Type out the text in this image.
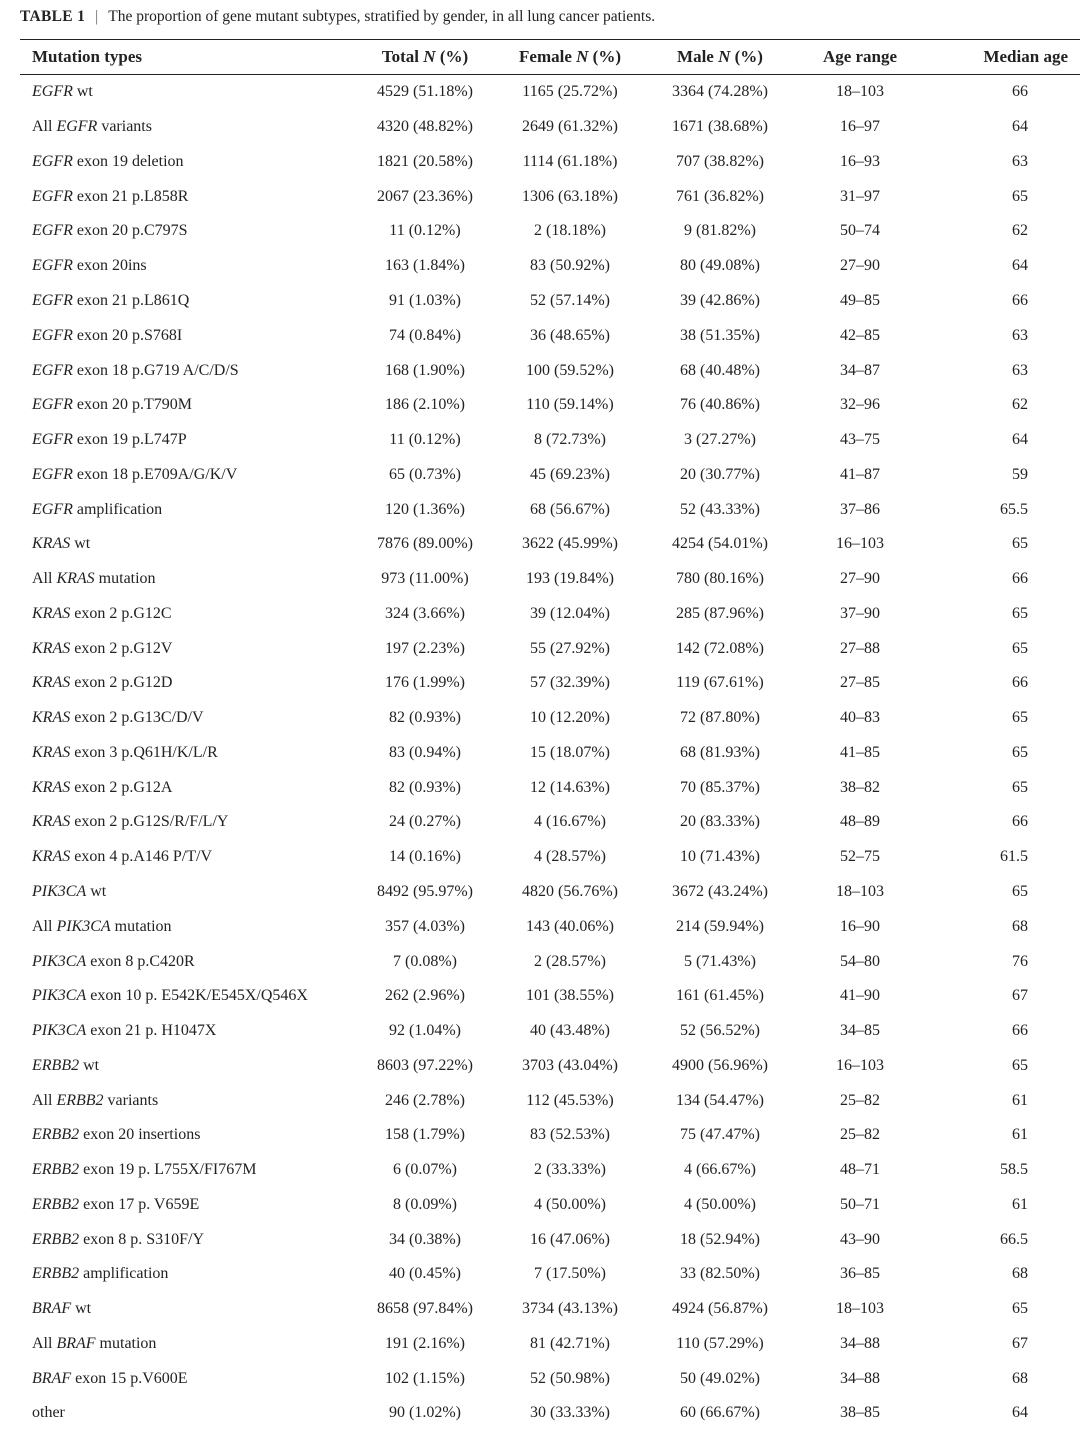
TABLE 1 | The proportion of gene mutant subtypes, stratified by gender, in all lung cancer patients.
Mutation types	Total N (%)	Female N (%)	Male N (%)	Age range	Median age
EGFR wt	4529 (51.18%)	1165 (25.72%)	3364 (74.28%)	18–103	66
All EGFR variants	4320 (48.82%)	2649 (61.32%)	1671 (38.68%)	16–97	64
EGFR exon 19 deletion	1821 (20.58%)	1114 (61.18%)	707 (38.82%)	16–93	63
EGFR exon 21 p.L858R	2067 (23.36%)	1306 (63.18%)	761 (36.82%)	31–97	65
EGFR exon 20 p.C797S	11 (0.12%)	2 (18.18%)	9 (81.82%)	50–74	62
EGFR exon 20ins	163 (1.84%)	83 (50.92%)	80 (49.08%)	27–90	64
EGFR exon 21 p.L861Q	91 (1.03%)	52 (57.14%)	39 (42.86%)	49–85	66
EGFR exon 20 p.S768I	74 (0.84%)	36 (48.65%)	38 (51.35%)	42–85	63
EGFR exon 18 p.G719 A/C/D/S	168 (1.90%)	100 (59.52%)	68 (40.48%)	34–87	63
EGFR exon 20 p.T790M	186 (2.10%)	110 (59.14%)	76 (40.86%)	32–96	62
EGFR exon 19 p.L747P	11 (0.12%)	8 (72.73%)	3 (27.27%)	43–75	64
EGFR exon 18 p.E709A/G/K/V	65 (0.73%)	45 (69.23%)	20 (30.77%)	41–87	59
EGFR amplification	120 (1.36%)	68 (56.67%)	52 (43.33%)	37–86	65.5
KRAS wt	7876 (89.00%)	3622 (45.99%)	4254 (54.01%)	16–103	65
All KRAS mutation	973 (11.00%)	193 (19.84%)	780 (80.16%)	27–90	66
KRAS exon 2 p.G12C	324 (3.66%)	39 (12.04%)	285 (87.96%)	37–90	65
KRAS exon 2 p.G12V	197 (2.23%)	55 (27.92%)	142 (72.08%)	27–88	65
KRAS exon 2 p.G12D	176 (1.99%)	57 (32.39%)	119 (67.61%)	27–85	66
KRAS exon 2 p.G13C/D/V	82 (0.93%)	10 (12.20%)	72 (87.80%)	40–83	65
KRAS exon 3 p.Q61H/K/L/R	83 (0.94%)	15 (18.07%)	68 (81.93%)	41–85	65
KRAS exon 2 p.G12A	82 (0.93%)	12 (14.63%)	70 (85.37%)	38–82	65
KRAS exon 2 p.G12S/R/F/L/Y	24 (0.27%)	4 (16.67%)	20 (83.33%)	48–89	66
KRAS exon 4 p.A146 P/T/V	14 (0.16%)	4 (28.57%)	10 (71.43%)	52–75	61.5
PIK3CA wt	8492 (95.97%)	4820 (56.76%)	3672 (43.24%)	18–103	65
All PIK3CA mutation	357 (4.03%)	143 (40.06%)	214 (59.94%)	16–90	68
PIK3CA exon 8 p.C420R	7 (0.08%)	2 (28.57%)	5 (71.43%)	54–80	76
PIK3CA exon 10 p. E542K/E545X/Q546X	262 (2.96%)	101 (38.55%)	161 (61.45%)	41–90	67
PIK3CA exon 21 p. H1047X	92 (1.04%)	40 (43.48%)	52 (56.52%)	34–85	66
ERBB2 wt	8603 (97.22%)	3703 (43.04%)	4900 (56.96%)	16–103	65
All ERBB2 variants	246 (2.78%)	112 (45.53%)	134 (54.47%)	25–82	61
ERBB2 exon 20 insertions	158 (1.79%)	83 (52.53%)	75 (47.47%)	25–82	61
ERBB2 exon 19 p. L755X/FI767M	6 (0.07%)	2 (33.33%)	4 (66.67%)	48–71	58.5
ERBB2 exon 17 p. V659E	8 (0.09%)	4 (50.00%)	4 (50.00%)	50–71	61
ERBB2 exon 8 p. S310F/Y	34 (0.38%)	16 (47.06%)	18 (52.94%)	43–90	66.5
ERBB2 amplification	40 (0.45%)	7 (17.50%)	33 (82.50%)	36–85	68
BRAF wt	8658 (97.84%)	3734 (43.13%)	4924 (56.87%)	18–103	65
All BRAF mutation	191 (2.16%)	81 (42.71%)	110 (57.29%)	34–88	67
BRAF exon 15 p.V600E	102 (1.15%)	52 (50.98%)	50 (49.02%)	34–88	68
other	90 (1.02%)	30 (33.33%)	60 (66.67%)	38–85	64
